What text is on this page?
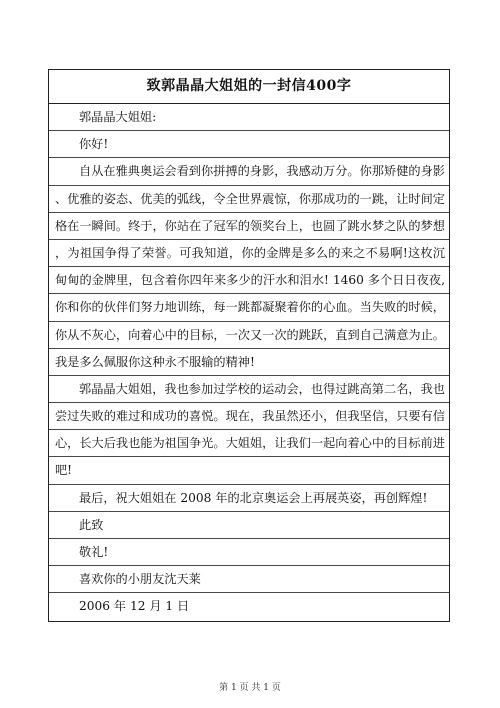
致郭晶晶大姐姐的一封信400字
郭晶晶大姐姐:
你好!
自从在雅典奥运会看到你拼搏的身影，我感动万分。你那矫健的身影
、优雅的姿态、优美的弧线，令全世界震惊，你那成功的一跳，让时间定
格在一瞬间。终于，你站在了冠军的领奖台上，也圆了跳水梦之队的梦想
，为祖国争得了荣誉。可我知道，你的金牌是多么的来之不易啊!这枚沉
甸甸的金牌里，包含着你四年来多少的汗水和泪水! 1460 多个日日夜夜,
你和你的伙伴们努力地训练，每一跳都凝聚着你的心血。当失败的时候，
你从不灰心，向着心中的目标，一次又一次的跳跃，直到自己满意为止。
我是多么佩服你这种永不服输的精神!
郭晶晶大姐姐，我也参加过学校的运动会，也得过跳高第二名，我也
尝过失败的难过和成功的喜悦。现在，我虽然还小，但我坚信，只要有信
心，长大后我也能为祖国争光。大姐姐，让我们一起向着心中的目标前进
吧!
最后，祝大姐姐在 2008 年的北京奥运会上再展英姿，再创辉煌!
此致
敬礼!
喜欢你的小朋友沈天莱
2006 年 12 月 1 日
第 1 页 共 1 页
